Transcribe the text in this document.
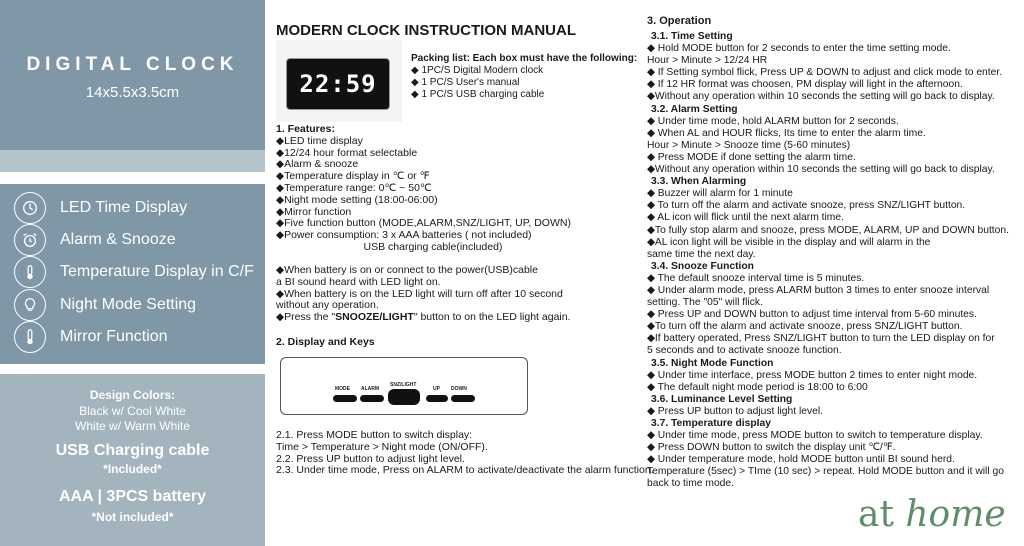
DIGITAL CLOCK
14x5.5x3.5cm
LED Time Display
Alarm & Snooze
Temperature Display in C/F
Night Mode Setting
Mirror Function
Design Colors:
Black w/ Cool White
White w/ Warm White
USB Charging cable
*Included*
AAA | 3PCS battery
*Not included*
MODERN CLOCK INSTRUCTION MANUAL
22:59
Packing list: Each box must have the following:
◆ 1PC/S Digital Modern clock
◆ 1 PC/S User's manual
◆ 1 PC/S USB charging cable
1. Features:
◆LED time display
◆12/24 hour format selectable
◆Alarm & snooze
◆Temperature display in ℃ or ℉
◆Temperature range: 0℃ ~ 50℃
◆Night mode setting (18:00-06:00)
◆Mirror function
◆Five function button (MODE,ALARM,SNZ/LIGHT, UP, DOWN)
◆Power consumption: 3 x AAA batteries ( not included)
USB charging cable(included)
◆When battery is on or connect to the power(USB)cable
a BI sound heard with LED light on.
◆When battery is on the LED light will turn off after 10 second
without any operation.
◆Press the "SNOOZE/LIGHT" button to on the LED light again.
2. Display and Keys
MODE ALARM
SNZ/LIGHT
UP DOWN
2.1. Press MODE button to switch display:
Time > Temperature > Night mode (ON/OFF).
2.2. Press UP button to adjust light level.
2.3. Under time mode, Press on ALARM to activate/deactivate the alarm function.
3. Operation
3.1. Time Setting
◆ Hold MODE button for 2 seconds to enter the time setting mode.
Hour > Minute > 12/24 HR
◆ If Setting symbol flick, Press UP & DOWN to adjust and click mode to enter.
◆ If 12 HR format was choosen, PM display will light in the afternoon.
◆Without any operation within 10 seconds the setting will go back to display.
3.2. Alarm Setting
◆ Under time mode, hold ALARM button for 2 seconds.
◆ When AL and HOUR flicks, Its time to enter the alarm time.
Hour > Minute > Snooze time (5-60 minutes)
◆ Press MODE if done setting the alarm time.
◆Without any operation within 10 seconds the setting will go back to display.
3.3. When Alarming
◆ Buzzer will alarm for 1 minute
◆ To turn off the alarm and activate snooze, press SNZ/LIGHT button.
◆ AL icon will flick until the next alarm time.
◆To fully stop alarm and snooze, press MODE, ALARM, UP and DOWN button.
◆AL icon light will be visible in the display and will alarm in the
same time the next day.
3.4. Snooze Function
◆ The default snooze interval time is 5 minutes.
◆ Under alarm mode, press ALARM button 3 times to enter snooze interval
setting. The "05" will flick.
◆ Press UP and DOWN button to adjust time interval from 5-60 minutes.
◆To turn off the alarm and activate snooze, press SNZ/LIGHT button.
◆If battery operated, Press SNZ/LIGHT button to turn the LED display on for
5 seconds and to activate snooze function.
3.5. Night Mode Function
◆ Under time interface, press MODE button 2 times to enter night mode.
◆ The default night mode period is 18:00 to 6:00
3.6. Luminance Level Setting
◆ Press UP button to adjust light level.
3.7. Temperature dispIay
◆ Under time mode, press MODE button to switch to temperature display.
◆ Press DOWN button to switch the display unit ℃/℉.
◆ Under temperature mode, hold MODE button until BI sound herd.
Temperature (5sec) > TIme (10 sec) > repeat. Hold MODE button and it will go
back to time mode.
at home
